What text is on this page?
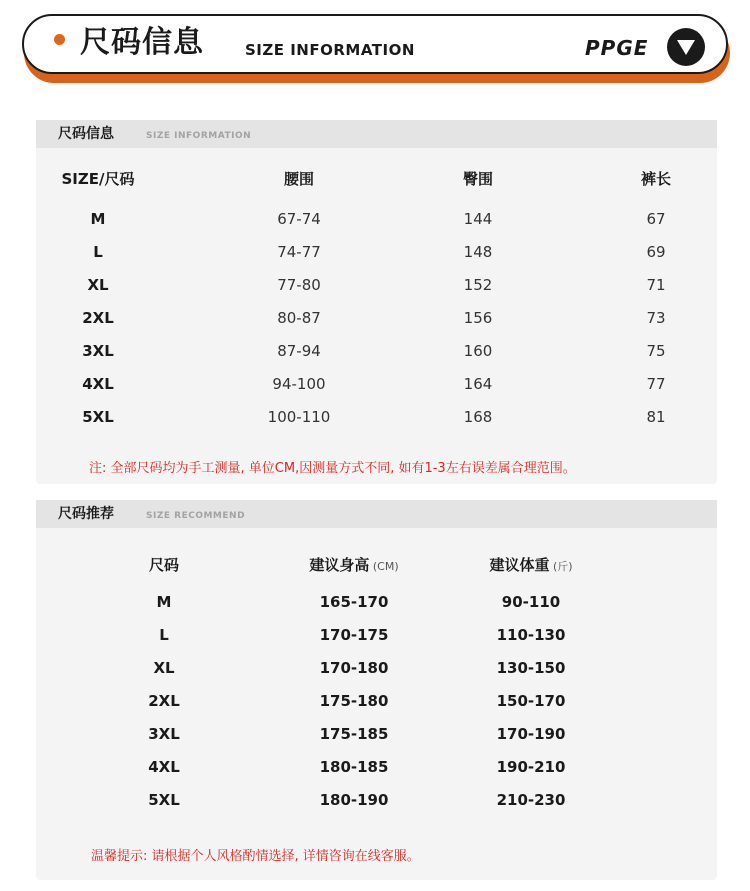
尺码信息	SIZE INFORMATION	PPGE
尺码信息	SIZE INFORMATION
SIZE/尺码	腰围	臀围	裤长
M	67-74	144	67
L	74-77	148	69
XL	77-80	152	71
2XL	80-87	156	73
3XL	87-94	160	75
4XL	94-100	164	77
5XL	100-110	168	81
注: 全部尺码均为手工测量, 单位CM,因测量方式不同, 如有1-3左右误差属合理范围。
尺码推荐	SIZE RECOMMEND
尺码	建议身高 (CM)	建议体重 (斤)
M	165-170	90-110
L	170-175	110-130
XL	170-180	130-150
2XL	175-180	150-170
3XL	175-185	170-190
4XL	180-185	190-210
5XL	180-190	210-230
温馨提示: 请根据个人风格酌情选择, 详情咨询在线客服。
